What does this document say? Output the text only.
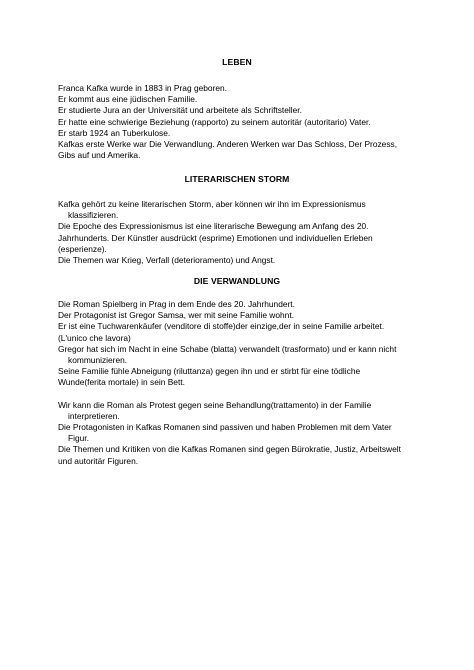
LEBEN
Franca Kafka wurde in 1883 in Prag geboren.
Er kommt aus eine jüdischen Familie.
Er studierte Jura an der Universität und arbeitete als Schriftsteller.
Er hatte eine schwierige Beziehung (rapporto) zu seinem autoritär (autoritario) Vater.
Er starb 1924 an Tuberkulose.
Kafkas erste Werke war Die Verwandlung. Anderen Werken war Das Schloss, Der Prozess,
Gibs auf und Amerika.
LITERARISCHEN STORM
Kafka gehört zu keine literarischen Storm, aber können wir ihn im Expressionismus
klassifizieren.
Die Epoche des Expressionismus ist eine literarische Bewegung am Anfang des 20.
Jahrhunderts. Der Künstler ausdrückt (esprime) Emotionen und individuellen Erleben
(esperienze).
Die Themen war Krieg, Verfall (deterioramento) und Angst.
DIE VERWANDLUNG
Die Roman Spielberg in Prag in dem Ende des 20. Jahrhundert.
Der Protagonist ist Gregor Samsa, wer mit seine Familie wohnt.
Er ist eine Tuchwarenkäufer (venditore di stoffe)der einzige,der in seine Familie arbeitet.
(L'unico che lavora)
Gregor hat sich im Nacht in eine Schabe (blatta) verwandelt (trasformato) und er kann nicht
kommunizieren.
Seine Familie fühle Abneigung (riluttanza) gegen ihn und er stirbt für eine tödliche
Wunde(ferita mortale) in sein Bett.
Wir kann die Roman als Protest gegen seine Behandlung(trattamento) in der Familie
interpretieren.
Die Protagonisten in Kafkas Romanen sind passiven und haben Problemen mit dem Vater
Figur.
Die Themen und Kritiken von die Kafkas Romanen sind gegen Bürokratie, Justiz, Arbeitswelt
und autoritär Figuren.
